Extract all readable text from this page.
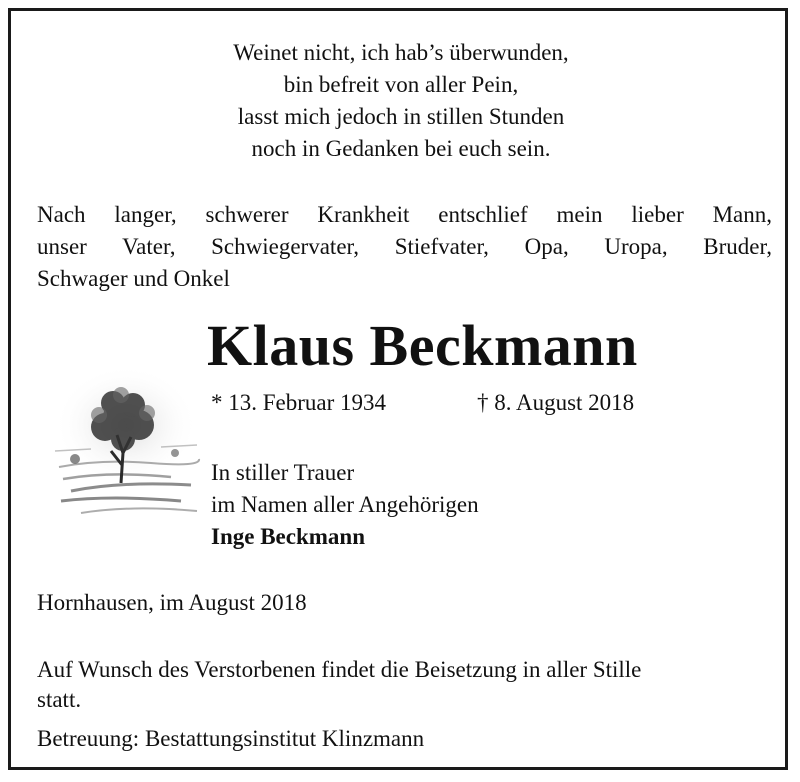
Weinet nicht, ich hab’s überwunden,
bin befreit von aller Pein,
lasst mich jedoch in stillen Stunden
noch in Gedanken bei euch sein.
Nach langer, schwerer Krankheit entschlief mein lieber Mann,
unser Vater, Schwiegervater, Stiefvater, Opa, Uropa, Bruder,
Schwager und Onkel
Klaus Beckmann
* 13. Februar 1934	† 8. August 2018
In stiller Trauer
im Namen aller Angehörigen
Inge Beckmann
Hornhausen, im August 2018
Auf Wunsch des Verstorbenen findet die Beisetzung in aller Stille
statt.
Betreuung: Bestattungsinstitut Klinzmann
